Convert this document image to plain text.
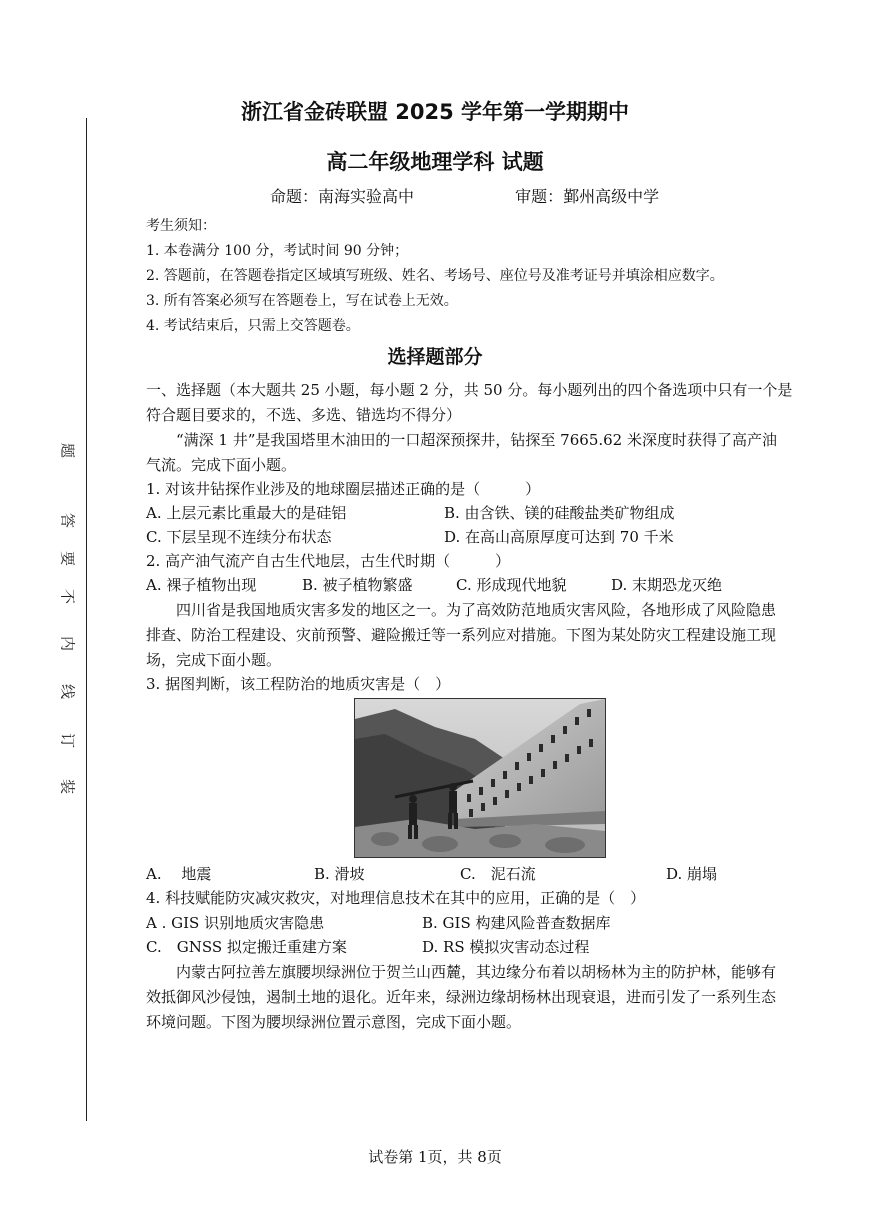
题
答
要
不
内
线
订
装
浙江省金砖联盟 2025 学年第一学期期中
高二年级地理学科 试题
命题：南海实验高中	审题：鄞州高级中学
考生须知：
1. 本卷满分 100 分，考试时间 90 分钟；
2. 答题前，在答题卷指定区域填写班级、姓名、考场号、座位号及准考证号并填涂相应数字。
3. 所有答案必须写在答题卷上，写在试卷上无效。
4. 考试结束后，只需上交答题卷。
选择题部分
一、选择题（本大题共 25 小题，每小题 2 分，共 50 分。每小题列出的四个备选项中只有一个是
符合题目要求的，不选、多选、错选均不得分）
“满深 1 井”是我国塔里木油田的一口超深预探井，钻探至 7665.62 米深度时获得了高产油
气流。完成下面小题。
1. 对该井钻探作业涉及的地球圈层描述正确的是（　　　）
A. 上层元素比重最大的是硅铝	B. 由含铁、镁的硅酸盐类矿物组成
C. 下层呈现不连续分布状态	D. 在高山高原厚度可达到 70 千米
2. 高产油气流产自古生代地层，古生代时期（　　　）
A. 裸子植物出现	B. 被子植物繁盛	C. 形成现代地貌	D. 末期恐龙灭绝
四川省是我国地质灾害多发的地区之一。为了高效防范地质灾害风险，各地形成了风险隐患
排查、防治工程建设、灾前预警、避险搬迁等一系列应对措施。下图为某处防灾工程建设施工现
场，完成下面小题。
3. 据图判断，该工程防治的地质灾害是（　）
A.　 地震	B. 滑坡	C.　泥石流	D. 崩塌
4. 科技赋能防灾减灾救灾，对地理信息技术在其中的应用，正确的是（　）
A . GIS 识别地质灾害隐患	B. GIS 构建风险普查数据库
C.　GNSS 拟定搬迁重建方案	D. RS 模拟灾害动态过程
内蒙古阿拉善左旗腰坝绿洲位于贺兰山西麓，其边缘分布着以胡杨林为主的防护林，能够有
效抵御风沙侵蚀，遏制土地的退化。近年来，绿洲边缘胡杨林出现衰退，进而引发了一系列生态
环境问题。下图为腰坝绿洲位置示意图，完成下面小题。
试卷第 1页，共 8页
